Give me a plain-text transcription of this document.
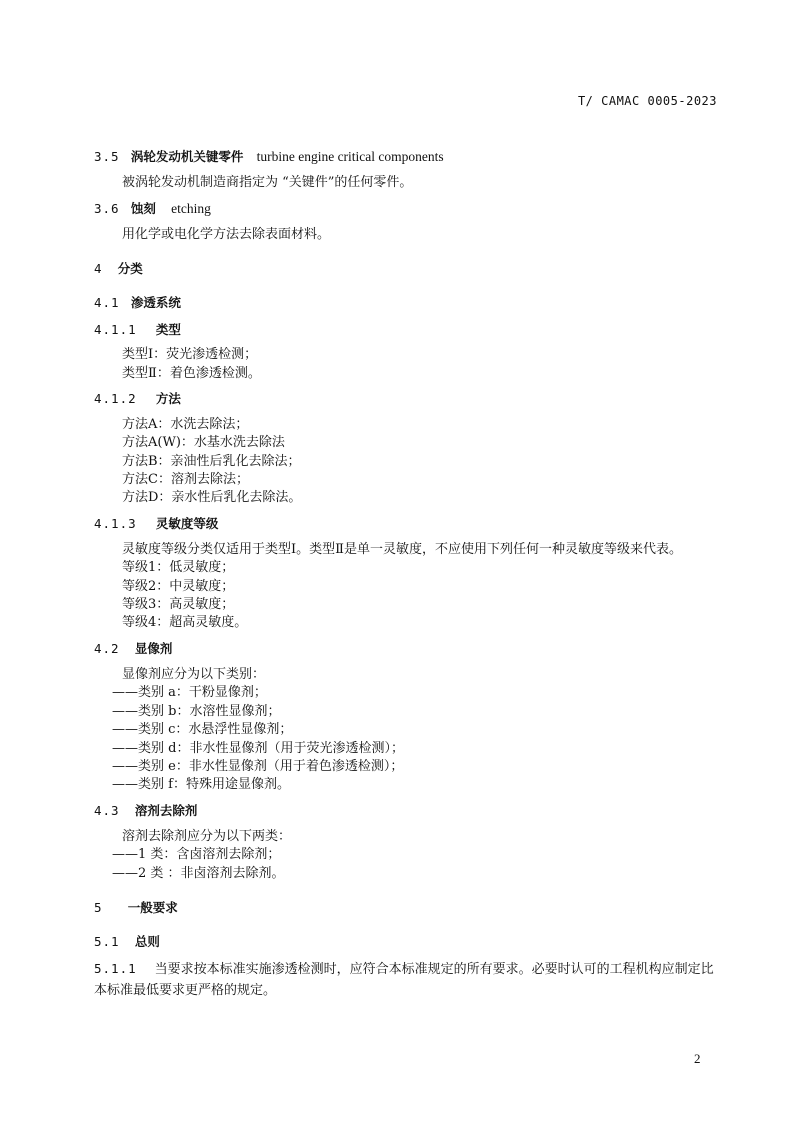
T/ CAMAC 0005-2023
3.5 涡轮发动机关键零件 turbine engine critical components
被涡轮发动机制造商指定为 “关键件”的任何零件。
3.6 蚀刻 etching
用化学或电化学方法去除表面材料。
4 分类
4.1 渗透系统
4.1.1 类型
类型Ⅰ：荧光渗透检测；
类型Ⅱ：着色渗透检测。
4.1.2 方法
方法A：水洗去除法；
方法A(W)：水基水洗去除法
方法B：亲油性后乳化去除法；
方法C：溶剂去除法；
方法D：亲水性后乳化去除法。
4.1.3 灵敏度等级
灵敏度等级分类仅适用于类型Ⅰ。类型Ⅱ是单一灵敏度，不应使用下列任何一种灵敏度等级来代表。
等级1：低灵敏度；
等级2：中灵敏度；
等级3：高灵敏度；
等级4：超高灵敏度。
4.2 显像剂
显像剂应分为以下类别：
——类别 a：干粉显像剂；
——类别 b：水溶性显像剂；
——类别 c：水悬浮性显像剂；
——类别 d：非水性显像剂（用于荧光渗透检测）；
——类别 e：非水性显像剂（用于着色渗透检测）；
——类别 f：特殊用途显像剂。
4.3 溶剂去除剂
溶剂去除剂应分为以下两类：
——1 类：含卤溶剂去除剂；
——2 类 ：非卤溶剂去除剂。
5 一般要求
5.1 总则
5.1.1 当要求按本标准实施渗透检测时，应符合本标准规定的所有要求。必要时认可的工程机构应制定比本标准最低要求更严格的规定。
2
